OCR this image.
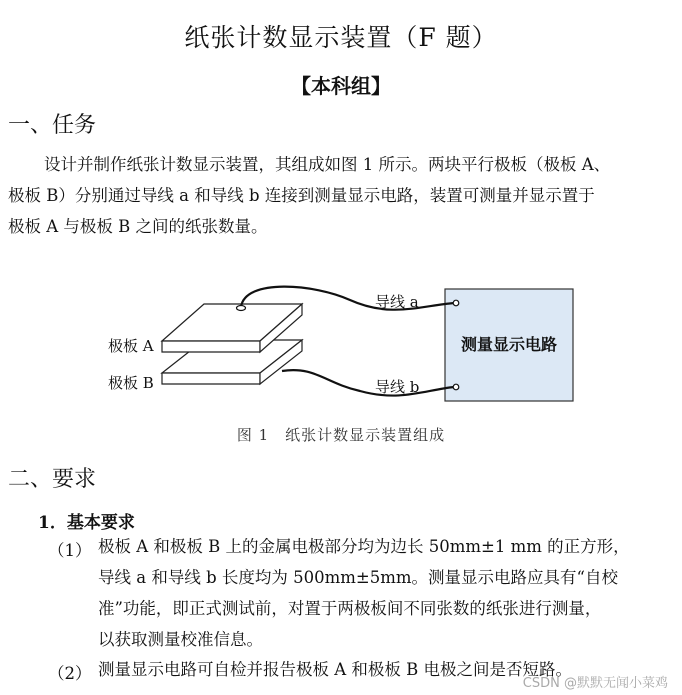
纸张计数显示装置（F 题）
【本科组】
一、任务
设计并制作纸张计数显示装置，其组成如图 1 所示。两块平行极板（极板 A、
极板 B）分别通过导线 a 和导线 b 连接到测量显示电路，装置可测量并显示置于
极板 A 与极板 B 之间的纸张数量。
测量显示电路
极板 A
极板 B
导线 a
导线 b
图 1　纸张计数显示装置组成
二、要求
1．基本要求
（1） 极板 A 和极板 B 上的金属电极部分均为边长 50mm±1 mm 的正方形，
导线 a 和导线 b 长度均为 500mm±5mm。测量显示电路应具有“自校
准”功能，即正式测试前，对置于两极板间不同张数的纸张进行测量，
以获取测量校准信息。
（2） 测量显示电路可自检并报告极板 A 和极板 B 电极之间是否短路。
CSDN @默默无闻小菜鸡
